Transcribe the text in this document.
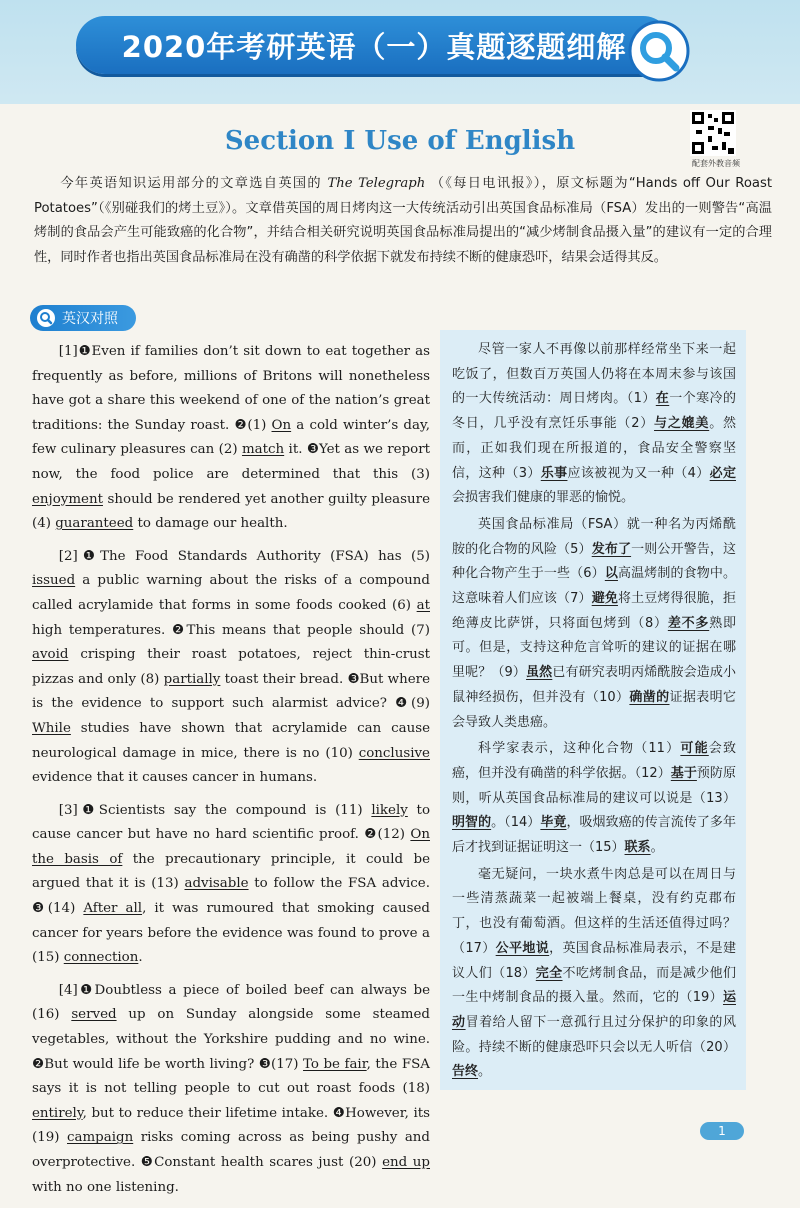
2020年考研英语（一）真题逐题细解
Section Ⅰ Use of English
配套外教音频
今年英语知识运用部分的文章选自英国的 The Telegraph （《每日电讯报》），原文标题为“Hands off Our Roast Potatoes”（《别碰我们的烤土豆》）。文章借英国的周日烤肉这一大传统活动引出英国食品标准局（FSA）发出的一则警告“高温烤制的食品会产生可能致癌的化合物”，并结合相关研究说明英国食品标准局提出的“减少烤制食品摄入量”的建议有一定的合理性，同时作者也指出英国食品标准局在没有确凿的科学依据下就发布持续不断的健康恐吓，结果会适得其反。
英汉对照

[1]❶Even if families don’t sit down to eat together as frequently as before, millions of Britons will nonetheless have got a share this weekend of one of the nation’s great traditions: the Sunday roast. ❷(1) On a cold winter’s day, few culinary pleasures can (2) match it. ❸Yet as we report now, the food police are determined that this (3) enjoyment should be rendered yet another guilty pleasure (4) guaranteed to damage our health.

[2]❶The Food Standards Authority (FSA) has (5) issued a public warning about the risks of a compound called acrylamide that forms in some foods cooked (6) at high temperatures. ❷This means that people should (7) avoid crisping their roast potatoes, reject thin-crust pizzas and only (8) partially toast their bread. ❸But where is the evidence to support such alarmist advice? ❹(9) While studies have shown that acrylamide can cause neurological damage in mice, there is no (10) conclusive evidence that it causes cancer in humans.

[3]❶Scientists say the compound is (11) likely to cause cancer but have no hard scientific proof. ❷(12) On the basis of the precautionary principle, it could be argued that it is (13) advisable to follow the FSA advice. ❸(14) After all, it was rumoured that smoking caused cancer for years before the evidence was found to prove a (15) connection.

[4]❶Doubtless a piece of boiled beef can always be (16) served up on Sunday alongside some steamed vegetables, without the Yorkshire pudding and no wine. ❷But would life be worth living? ❸(17) To be fair, the FSA says it is not telling people to cut out roast foods (18) entirely, but to reduce their lifetime intake. ❹However, its (19) campaign risks coming across as being pushy and overprotective. ❺Constant health scares just (20) end up with no one listening.

尽管一家人不再像以前那样经常坐下来一起吃饭了，但数百万英国人仍将在本周末参与该国的一大传统活动：周日烤肉。（1）在一个寒冷的冬日，几乎没有烹饪乐事能（2）与之媲美。然而，正如我们现在所报道的，食品安全警察坚信，这种（3）乐事应该被视为又一种（4）必定会损害我们健康的罪恶的愉悦。

英国食品标准局（FSA）就一种名为丙烯酰胺的化合物的风险（5）发布了一则公开警告，这种化合物产生于一些（6）以高温烤制的食物中。这意味着人们应该（7）避免将土豆烤得很脆，拒绝薄皮比萨饼，只将面包烤到（8）差不多熟即可。但是，支持这种危言耸听的建议的证据在哪里呢？（9）虽然已有研究表明丙烯酰胺会造成小鼠神经损伤，但并没有（10）确凿的证据表明它会导致人类患癌。

科学家表示，这种化合物（11）可能会致癌，但并没有确凿的科学依据。（12）基于预防原则，听从英国食品标准局的建议可以说是（13）明智的。（14）毕竟，吸烟致癌的传言流传了多年后才找到证据证明这一（15）联系。

毫无疑问，一块水煮牛肉总是可以在周日与一些清蒸蔬菜一起被端上餐桌，没有约克郡布丁，也没有葡萄酒。但这样的生活还值得过吗？（17）公平地说，英国食品标准局表示，不是建议人们（18）完全不吃烤制食品，而是减少他们一生中烤制食品的摄入量。然而，它的（19）运动冒着给人留下一意孤行且过分保护的印象的风险。持续不断的健康恐吓只会以无人听信（20）告终。

1
